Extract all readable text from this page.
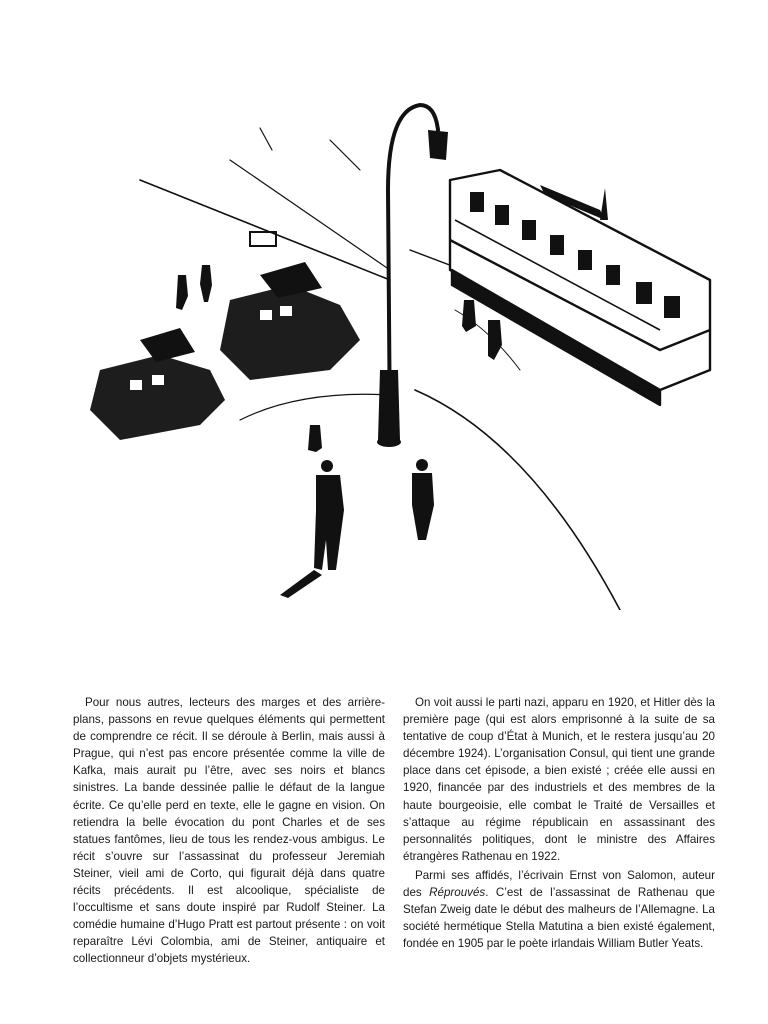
Pour nous autres, lecteurs des marges et des arrière-plans, passons en revue quelques éléments qui permettent de comprendre ce récit. Il se déroule à Berlin, mais aussi à Prague, qui n’est pas encore présentée comme la ville de Kafka, mais aurait pu l’être, avec ses noirs et blancs sinistres. La bande dessinée pallie le défaut de la langue écrite. Ce qu’elle perd en texte, elle le gagne en vision. On retiendra la belle évocation du pont Charles et de ses statues fantômes, lieu de tous les rendez-vous ambigus. Le récit s’ouvre sur l’assassinat du professeur Jeremiah Steiner, vieil ami de Corto, qui figurait déjà dans quatre récits précédents. Il est alcoolique, spécialiste de l’occultisme et sans doute inspiré par Rudolf Steiner. La comédie humaine d’Hugo Pratt est partout présente : on voit reparaître Lévi Colombia, ami de Steiner, antiquaire et collectionneur d’objets mystérieux.

On voit aussi le parti nazi, apparu en 1920, et Hitler dès la première page (qui est alors emprisonné à la suite de sa tentative de coup d’État à Munich, et le restera jusqu’au 20 décembre 1924). L’organisation Consul, qui tient une grande place dans cet épisode, a bien existé ; créée elle aussi en 1920, financée par des industriels et des membres de la haute bourgeoisie, elle combat le Traité de Versailles et s’attaque au régime républicain en assassinant des personnalités politiques, dont le ministre des Affaires étrangères Rathenau en 1922.

Parmi ses affidés, l’écrivain Ernst von Salomon, auteur des Réprouvés. C’est de l’assassinat de Rathenau que Stefan Zweig date le début des malheurs de l’Allemagne. La société hermétique Stella Matutina a bien existé également, fondée en 1905 par le poète irlandais William Butler Yeats.
